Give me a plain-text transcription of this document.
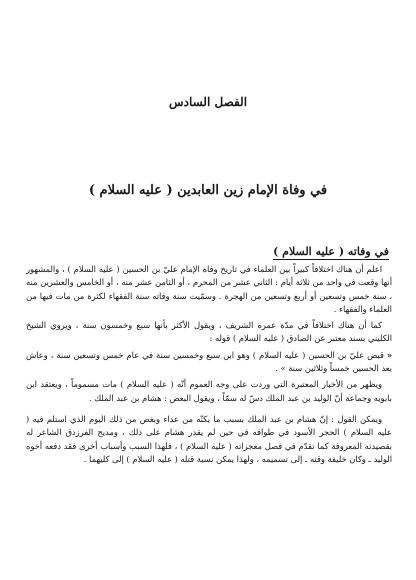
الفصل السادس
في وفاة الإمام زين العابدين ( عليه السلام )
في وفاته ( عليه السلام )

اعلم أن هناك اختلافاً كبيراً بين العلماء في تاريخ وفاة الإمام عليّ بن الحسين ( عليه السلام ) ، والمشهور أنها وقعت في واحد من ثلاثة أيام : الثاني عشر من المحرم ، أو الثامن عشر منه ، أو الخامس والعشرين منه ، سنة خمس وتسعين أو أربع وتسعين من الهجرة . وسمّيت سنة وفاته سنة الفقهاء لكثرة من مات فيها من العلماء والفقهاء .

كما أن هناك اختلافاً في مدّة عمره الشريف ، ويقول الأكثر بأنها سبع وخمسون سنة ، ويروي الشيخ الكليني بسند معتبر عن الصادق ( عليه السلام ) قوله :

«قبض عليّ بن الحسين ( عليه السلام ) وهو ابن سبع وخمسين سنة في عام خمس وتسعين سنة ، وعاش بعد الحسين خمساً وثلاثين سنة » .

ويظهر من الأخبار المعتبرة التي وردت على وجه العموم أنّه ( عليه السلام ) مات مسموماً ، ويعتقد ابن بابويه وجماعة أنّ الوليد بن عبد الملك دسّ له سمّاً ، ويقول البعض : هشام بن عبد الملك .

ويمكن القول : إنّ هشام بن عبد الملك بسبب ما يكنّه من عداء وبغض من ذلك اليوم الذي استلم فيه ( عليه السلام ) الحجر الأسود في طوافه في حين لم يقدر هشام على ذلك ، ومديح الفرزدق الشاعر له بقصيدته المعروفة كما تقدّم في فصل معجزاته ( عليه السلام ) ، فلهذا السبب وأسباب أخرى فقد دفعه أخوه الوليد ـ وكان خليفة وقته ـ إلى تسميمه ، ولهذا يمكن نسبة قتله ( عليه السلام ) إلى كليهما .
